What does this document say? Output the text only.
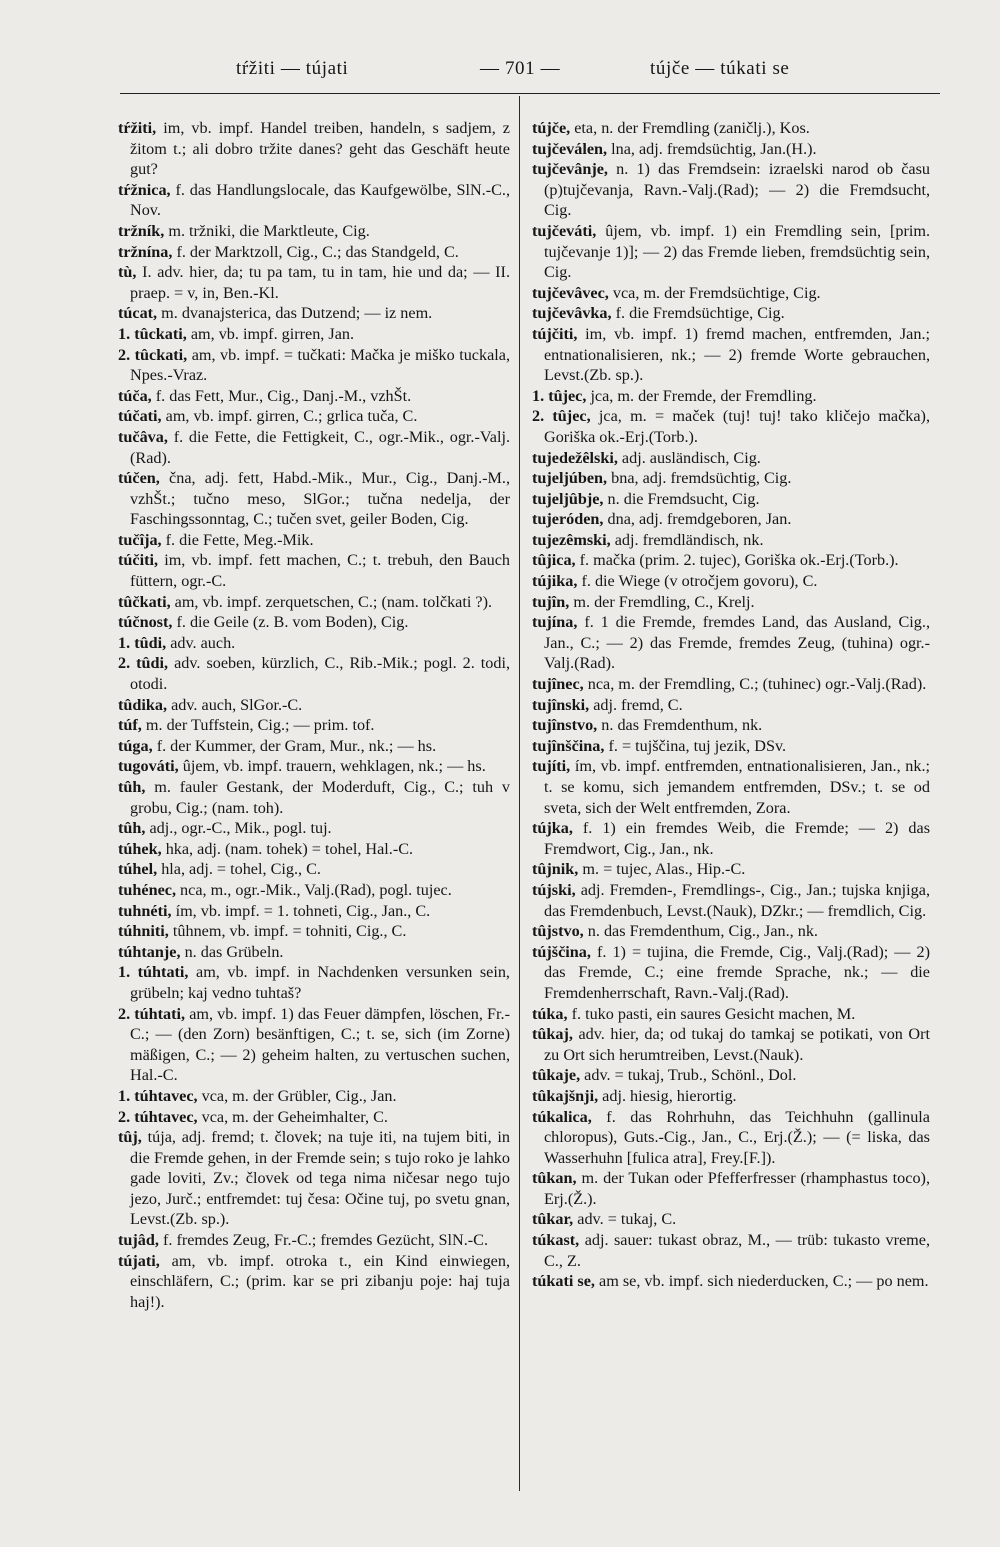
tŕžiti — tújati	— 701 —	tújče — túkati se

tŕžiti, im, vb. impf. Handel treiben, handeln, s sadjem, z žitom t.; ali dobro tržite danes? geht das Geschäft heute gut?

tŕžnica, f. das Handlungslocale, das Kaufgewölbe, SlN.-C., Nov.

tržník, m. tržniki, die Marktleute, Cig.

tržnína, f. der Marktzoll, Cig., C.; das Standgeld, C.

tù, I. adv. hier, da; tu pa tam, tu in tam, hie und da; — II. praep. = v, in, Ben.-Kl.

túcat, m. dvanajsterica, das Dutzend; — iz nem.

1. tûckati, am, vb. impf. girren, Jan.

2. tûckati, am, vb. impf. = tučkati: Mačka je miško tuckala, Npes.-Vraz.

túča, f. das Fett, Mur., Cig., Danj.-M., vzhŠt.

túčati, am, vb. impf. girren, C.; grlica tuča, C.

tučâva, f. die Fette, die Fettigkeit, C., ogr.-Mik., ogr.-Valj.(Rad).

túčen, čna, adj. fett, Habd.-Mik., Mur., Cig., Danj.-M., vzhŠt.; tučno meso, SlGor.; tučna nedelja, der Faschingssonntag, C.; tučen svet, geiler Boden, Cig.

tučîja, f. die Fette, Meg.-Mik.

túčiti, im, vb. impf. fett machen, C.; t. trebuh, den Bauch füttern, ogr.-C.

tûčkati, am, vb. impf. zerquetschen, C.; (nam. tolčkati ?).

túčnost, f. die Geile (z. B. vom Boden), Cig.

1. tûdi, adv. auch.

2. tûdi, adv. soeben, kürzlich, C., Rib.-Mik.; pogl. 2. todi, otodi.

tûdika, adv. auch, SlGor.-C.

túf, m. der Tuffstein, Cig.; — prim. tof.

túga, f. der Kummer, der Gram, Mur., nk.; — hs.

tugováti, ûjem, vb. impf. trauern, wehklagen, nk.; — hs.

tûh, m. fauler Gestank, der Moderduft, Cig., C.; tuh v grobu, Cig.; (nam. toh).

tûh, adj., ogr.-C., Mik., pogl. tuj.

túhek, hka, adj. (nam. tohek) = tohel, Hal.-C.

túhel, hla, adj. = tohel, Cig., C.

tuhénec, nca, m., ogr.-Mik., Valj.(Rad), pogl. tujec.

tuhnéti, ím, vb. impf. = 1. tohneti, Cig., Jan., C.

túhniti, tûhnem, vb. impf. = tohniti, Cig., C.

túhtanje, n. das Grübeln.

1. túhtati, am, vb. impf. in Nachdenken versunken sein, grübeln; kaj vedno tuhtaš?

2. túhtati, am, vb. impf. 1) das Feuer dämpfen, löschen, Fr.-C.; — (den Zorn) besänftigen, C.; t. se, sich (im Zorne) mäßigen, C.; — 2) geheim halten, zu vertuschen suchen, Hal.-C.

1. túhtavec, vca, m. der Grübler, Cig., Jan.

2. túhtavec, vca, m. der Geheimhalter, C.

tûj, túja, adj. fremd; t. človek; na tuje iti, na tujem biti, in die Fremde gehen, in der Fremde sein; s tujo roko je lahko gade loviti, Zv.; človek od tega nima ničesar nego tujo jezo, Jurč.; entfremdet: tuj česa: Očine tuj, po svetu gnan, Levst.(Zb. sp.).

tujâd, f. fremdes Zeug, Fr.-C.; fremdes Gezücht, SlN.-C.

tújati, am, vb. impf. otroka t., ein Kind einwiegen, einschläfern, C.; (prim. kar se pri zibanju poje: haj tuja haj!).

tújče, eta, n. der Fremdling (zaničlj.), Kos.

tujčeválen, lna, adj. fremdsüchtig, Jan.(H.).

tujčevânje, n. 1) das Fremdsein: izraelski narod ob času (p)tujčevanja, Ravn.-Valj.(Rad); — 2) die Fremdsucht, Cig.

tujčeváti, ûjem, vb. impf. 1) ein Fremdling sein, [prim. tujčevanje 1)]; — 2) das Fremde lieben, fremdsüchtig sein, Cig.

tujčevâvec, vca, m. der Fremdsüchtige, Cig.

tujčevâvka, f. die Fremdsüchtige, Cig.

tújčiti, im, vb. impf. 1) fremd machen, entfremden, Jan.; entnationalisieren, nk.; — 2) fremde Worte gebrauchen, Levst.(Zb. sp.).

1. tûjec, jca, m. der Fremde, der Fremdling.

2. tûjec, jca, m. = maček (tuj! tuj! tako kličejo mačka), Goriška ok.-Erj.(Torb.).

tujedežêlski, adj. ausländisch, Cig.

tujeljúben, bna, adj. fremdsüchtig, Cig.

tujeljûbje, n. die Fremdsucht, Cig.

tujeróden, dna, adj. fremdgeboren, Jan.

tujezêmski, adj. fremdländisch, nk.

tûjica, f. mačka (prim. 2. tujec), Goriška ok.-Erj.(Torb.).

tújika, f. die Wiege (v otročjem govoru), C.

tujîn, m. der Fremdling, C., Krelj.

tujína, f. 1 die Fremde, fremdes Land, das Ausland, Cig., Jan., C.; — 2) das Fremde, fremdes Zeug, (tuhina) ogr.-Valj.(Rad).

tujînec, nca, m. der Fremdling, C.; (tuhinec) ogr.-Valj.(Rad).

tujînski, adj. fremd, C.

tujînstvo, n. das Fremdenthum, nk.

tujînščina, f. = tujščina, tuj jezik, DSv.

tujíti, ím, vb. impf. entfremden, entnationalisieren, Jan., nk.; t. se komu, sich jemandem entfremden, DSv.; t. se od sveta, sich der Welt entfremden, Zora.

tújka, f. 1) ein fremdes Weib, die Fremde; — 2) das Fremdwort, Cig., Jan., nk.

tûjnik, m. = tujec, Alas., Hip.-C.

tújski, adj. Fremden-, Fremdlings-, Cig., Jan.; tujska knjiga, das Fremdenbuch, Levst.(Nauk), DZkr.; — fremdlich, Cig.

tûjstvo, n. das Fremdenthum, Cig., Jan., nk.

tújščina, f. 1) = tujina, die Fremde, Cig., Valj.(Rad); — 2) das Fremde, C.; eine fremde Sprache, nk.; — die Fremdenherrschaft, Ravn.-Valj.(Rad).

túka, f. tuko pasti, ein saures Gesicht machen, M.

tûkaj, adv. hier, da; od tukaj do tamkaj se potikati, von Ort zu Ort sich herumtreiben, Levst.(Nauk).

tûkaje, adv. = tukaj, Trub., Schönl., Dol.

tûkajšnji, adj. hiesig, hierortig.

túkalica, f. das Rohrhuhn, das Teichhuhn (gallinula chloropus), Guts.-Cig., Jan., C., Erj.(Ž.); — (= liska, das Wasserhuhn [fulica atra], Frey.[F.]).

tûkan, m. der Tukan oder Pfefferfresser (rhamphastus toco), Erj.(Ž.).

tûkar, adv. = tukaj, C.

túkast, adj. sauer: tukast obraz, M., — trüb: tukasto vreme, C., Z.

túkati se, am se, vb. impf. sich niederducken, C.; — po nem.
